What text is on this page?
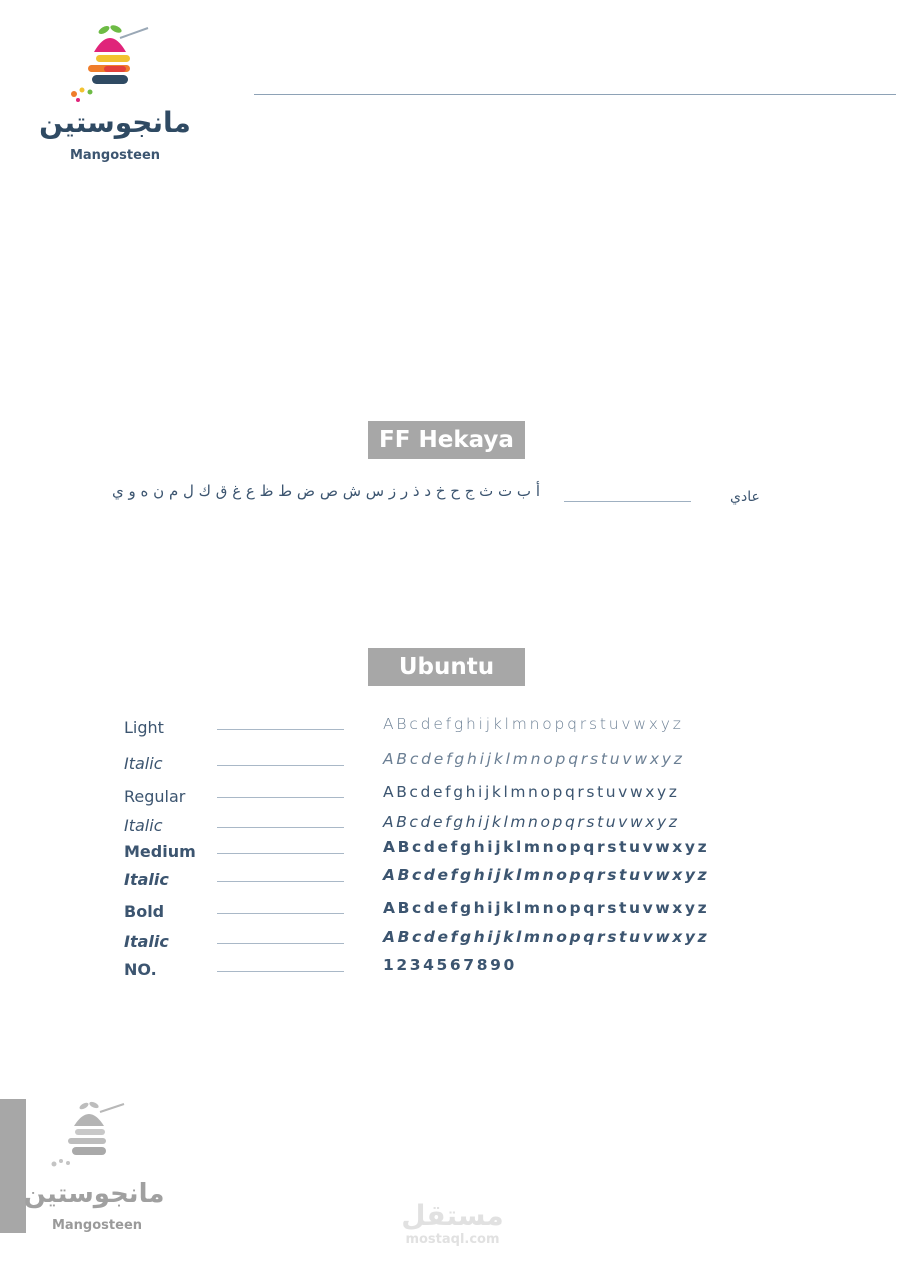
مانجوستين
Mangosteen
FF Hekaya
أ ب ت ث ج ح خ د ذ ر ز س ش ص ض ط ظ ع غ ق ك ل م ن ه و ي	عادي
Ubuntu
Light	ABcdefghijklmnopqrstuvwxyz
Italic	ABcdefghijklmnopqrstuvwxyz
Regular	ABcdefghijklmnopqrstuvwxyz
Italic	ABcdefghijklmnopqrstuvwxyz
Medium	ABcdefghijklmnopqrstuvwxyz
Italic	ABcdefghijklmnopqrstuvwxyz
Bold	ABcdefghijklmnopqrstuvwxyz
Italic	ABcdefghijklmnopqrstuvwxyz
NO.	1234567890
مانجوستين
Mangosteen	مستقل
mostaql.com
